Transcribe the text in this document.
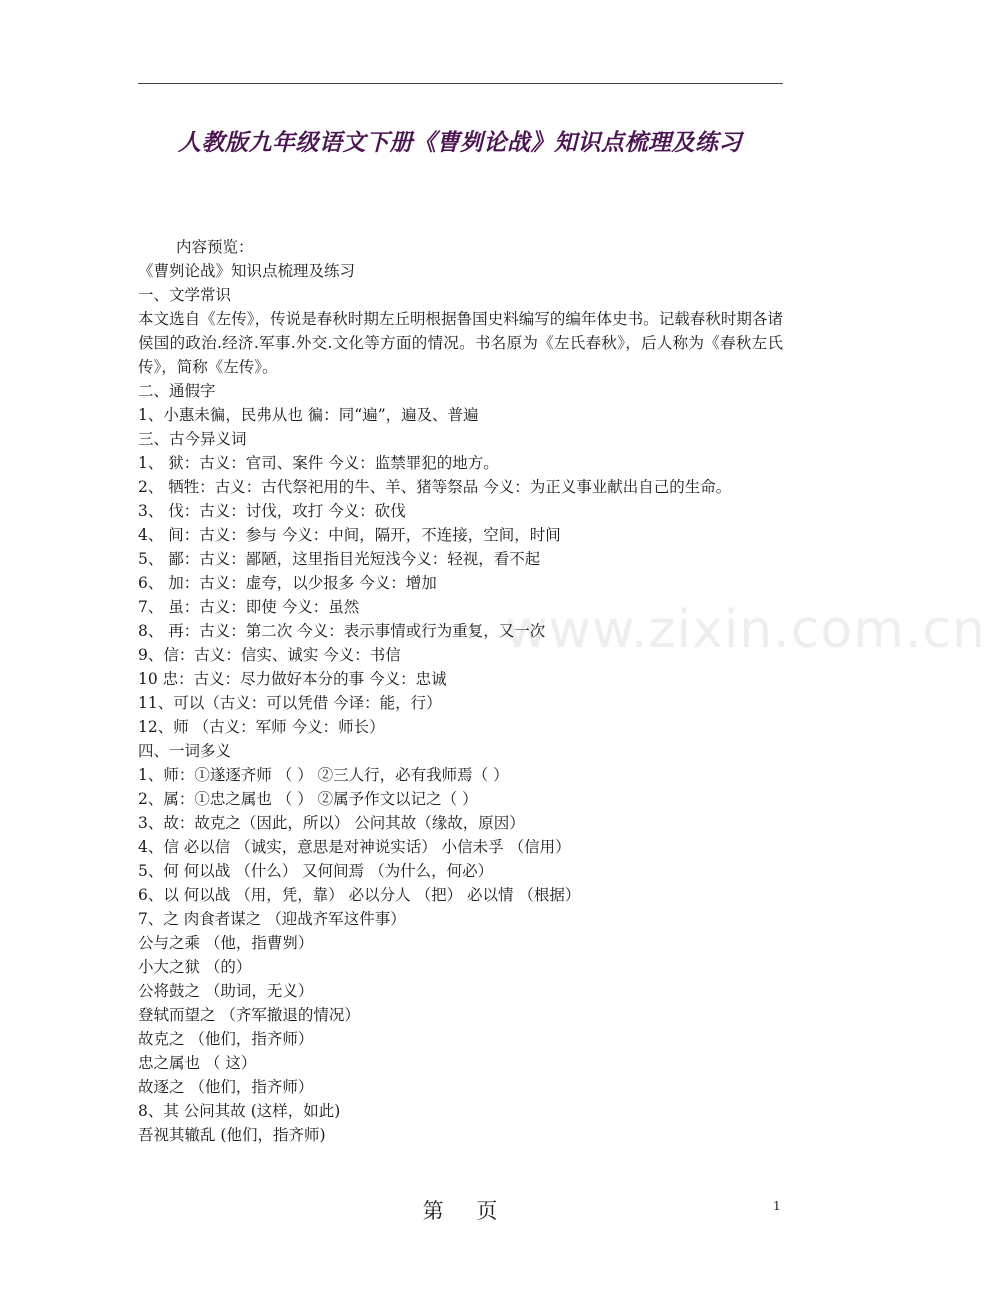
人教版九年级语文下册《曹刿论战》知识点梳理及练习
www.zixin.com.cn
内容预览：
《曹刿论战》知识点梳理及练习
一、文学常识
本文选自《左传》，传说是春秋时期左丘明根据鲁国史料编写的编年体史书。记载春秋时期各诸侯国的政治.经济.军事.外交.文化等方面的情况。书名原为《左氏春秋》，后人称为《春秋左氏传》，简称《左传》。
二、通假字
1、小惠未徧，民弗从也 徧：同“遍”，遍及、普遍
三、古今异义词
1、 狱：古义：官司、案件 今义：监禁罪犯的地方。
2、 牺牲：古义：古代祭祀用的牛、羊、猪等祭品 今义：为正义事业献出自己的生命。
3、 伐：古义：讨伐，攻打 今义：砍伐
4、 间：古义：参与 今义：中间，隔开，不连接，空间，时间
5、 鄙：古义：鄙陋，这里指目光短浅今义：轻视，看不起
6、 加：古义：虚夸，以少报多 今义：增加
7、 虽：古义：即使 今义：虽然
8、 再：古义：第二次 今义：表示事情或行为重复，又一次
9、信：古义：信实、诚实 今义：书信
10 忠：古义：尽力做好本分的事 今义：忠诚
11、可以（古义：可以凭借 今译：能，行）
12、师 （古义：军师 今义：师长）
四、一词多义
1、师：①遂逐齐师 （ ） ②三人行，必有我师焉（ ）
2、属：①忠之属也 （ ） ②属予作文以记之（ ）
3、故：故克之（因此，所以） 公问其故（缘故，原因）
4、信 必以信 （诚实，意思是对神说实话） 小信未孚 （信用）
5、何 何以战 （什么） 又何间焉 （为什么，何必）
6、以 何以战 （用，凭，靠） 必以分人 （把） 必以情 （根据）
7、之 肉食者谋之 （迎战齐军这件事）
公与之乘 （他，指曹刿）
小大之狱 （的）
公将鼓之 （助词，无义）
登轼而望之 （齐军撤退的情况）
故克之 （他们，指齐师）
忠之属也 （ 这）
故逐之 （他们，指齐师）
8、其 公问其故 (这样，如此)
吾视其辙乱 (他们，指齐师)
第 页	1
